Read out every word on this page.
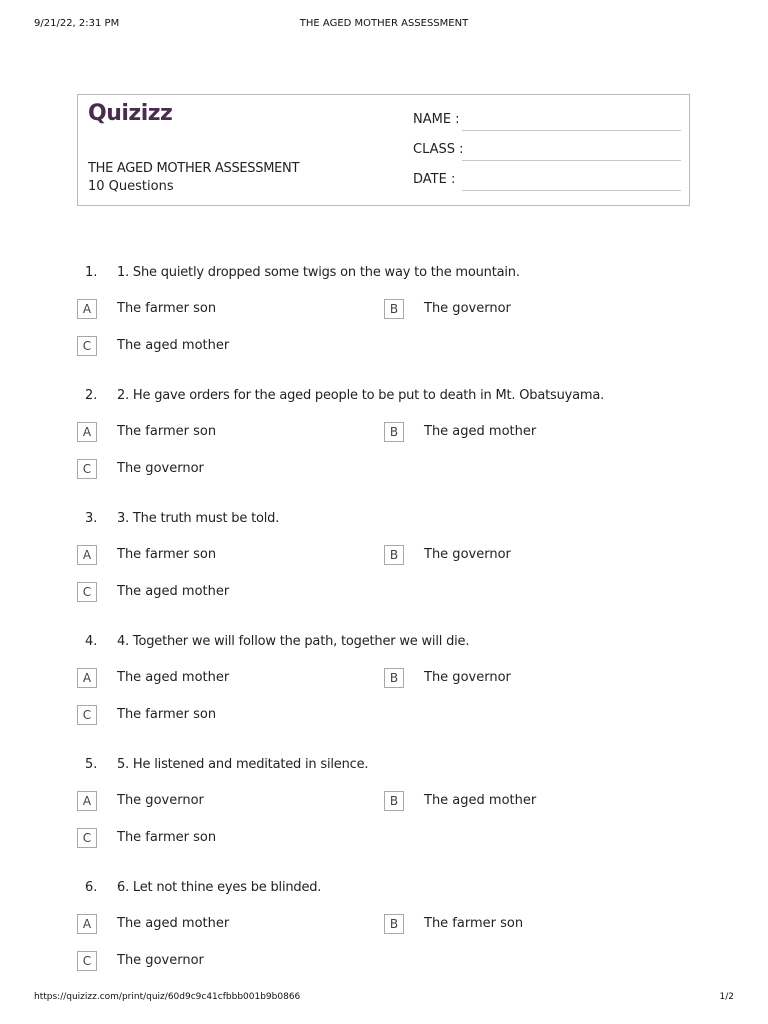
9/21/22, 2:31 PM	THE AGED MOTHER ASSESSMENT
Quizizz
THE AGED MOTHER ASSESSMENT
10 Questions
NAME :
CLASS :
DATE :
1. 1. She quietly dropped some twigs on the way to the mountain.
A	The farmer son	B	The governor
C	The aged mother
2. 2. He gave orders for the aged people to be put to death in Mt. Obatsuyama.
A	The farmer son	B	The aged mother
C	The governor
3. 3. The truth must be told.
A	The farmer son	B	The governor
C	The aged mother
4. 4. Together we will follow the path, together we will die.
A	The aged mother	B	The governor
C	The farmer son
5. 5. He listened and meditated in silence.
A	The governor	B	The aged mother
C	The farmer son
6. 6. Let not thine eyes be blinded.
A	The aged mother	B	The farmer son
C	The governor
https://quizizz.com/print/quiz/60d9c9c41cfbbb001b9b0866	1/2
